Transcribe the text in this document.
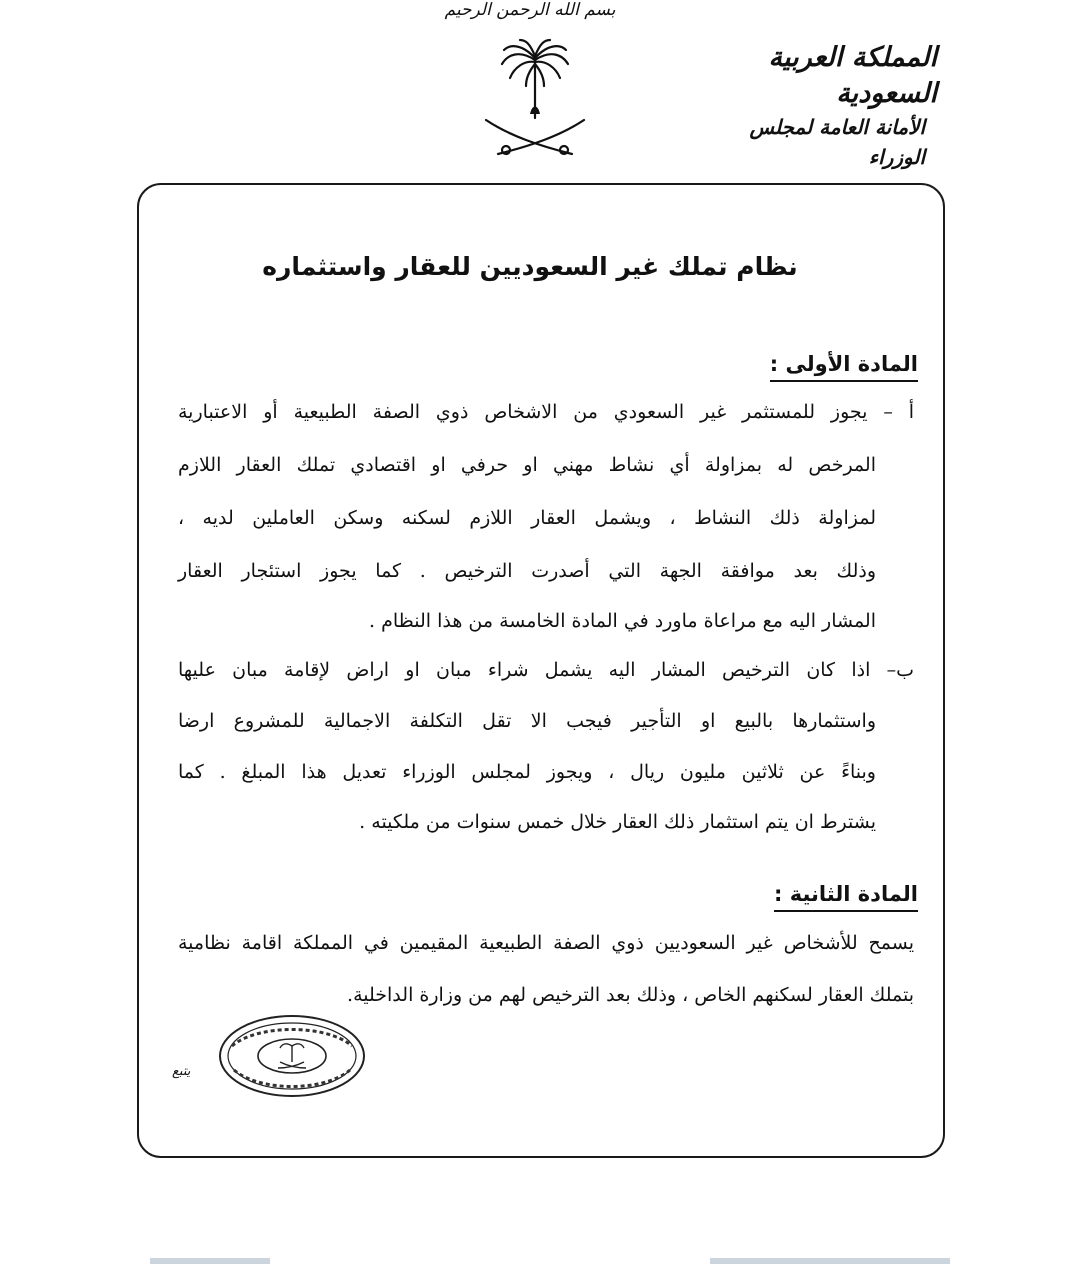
بسم الله الرحمن الرحيم
المملكة العربية السعودية
الأمانة العامة لمجلس الوزراء
نظام تملك غير السعوديين للعقار واستثماره
المادة الأولى :
أ – يجوز للمستثمر غير السعودي من الاشخاص ذوي الصفة الطبيعية أو الاعتبارية
المرخص له بمزاولة أي نشاط مهني او حرفي او اقتصادي تملك العقار اللازم
لمزاولة ذلك النشاط ، ويشمل العقار اللازم لسكنه وسكن العاملين لديه ،
وذلك بعد موافقة الجهة التي أصدرت الترخيص . كما يجوز استئجار العقار
المشار اليه مع مراعاة ماورد في المادة الخامسة من هذا النظام .
ب– اذا كان الترخيص المشار اليه يشمل شراء مبان او اراض لإقامة مبان عليها
واستثمارها بالبيع او التأجير فيجب الا تقل التكلفة الاجمالية للمشروع ارضا
وبناءً عن ثلاثين مليون ريال ، ويجوز لمجلس الوزراء تعديل هذا المبلغ . كما
يشترط ان يتم استثمار ذلك العقار خلال خمس سنوات من ملكيته .
المادة الثانية :
يسمح للأشخاص غير السعوديين ذوي الصفة الطبيعية المقيمين في المملكة اقامة نظامية
بتملك العقار لسكنهم الخاص ، وذلك بعد الترخيص لهم من وزارة الداخلية.
يتبع
